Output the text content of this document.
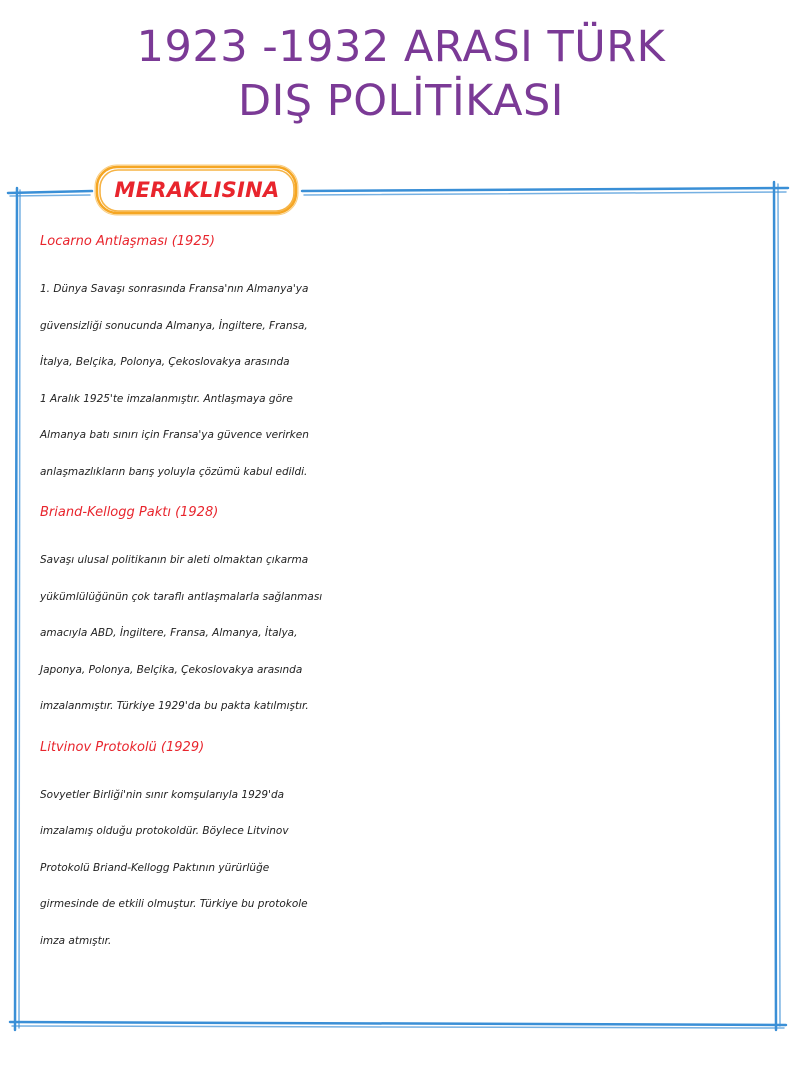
1923 -1932 ARASI TÜRK
DIŞ POLİTİKASI
MERAKLISINA

Locarno Antlaşması (1925)

1. Dünya Savaşı sonrasında Fransa'nın Almanya'ya
güvensizliği sonucunda Almanya, İngiltere, Fransa,
İtalya, Belçika, Polonya, Çekoslovakya arasında
1 Aralık 1925'te imzalanmıştır. Antlaşmaya göre
Almanya batı sınırı için Fransa'ya güvence verirken
anlaşmazlıkların barış yoluyla çözümü kabul edildi.

Briand-Kellogg Paktı (1928)

Savaşı ulusal politikanın bir aleti olmaktan çıkarma
yükümlülüğünün çok taraflı antlaşmalarla sağlanması
amacıyla ABD, İngiltere, Fransa, Almanya, İtalya,
Japonya, Polonya, Belçika, Çekoslovakya arasında
imzalanmıştır. Türkiye 1929'da bu pakta katılmıştır.

Litvinov Protokolü (1929)

Sovyetler Birliği'nin sınır komşularıyla 1929'da
imzalamış olduğu protokoldür. Böylece Litvinov
Protokolü Briand-Kellogg Paktının yürürlüğe
girmesinde de etkili olmuştur. Türkiye bu protokole
imza atmıştır.
